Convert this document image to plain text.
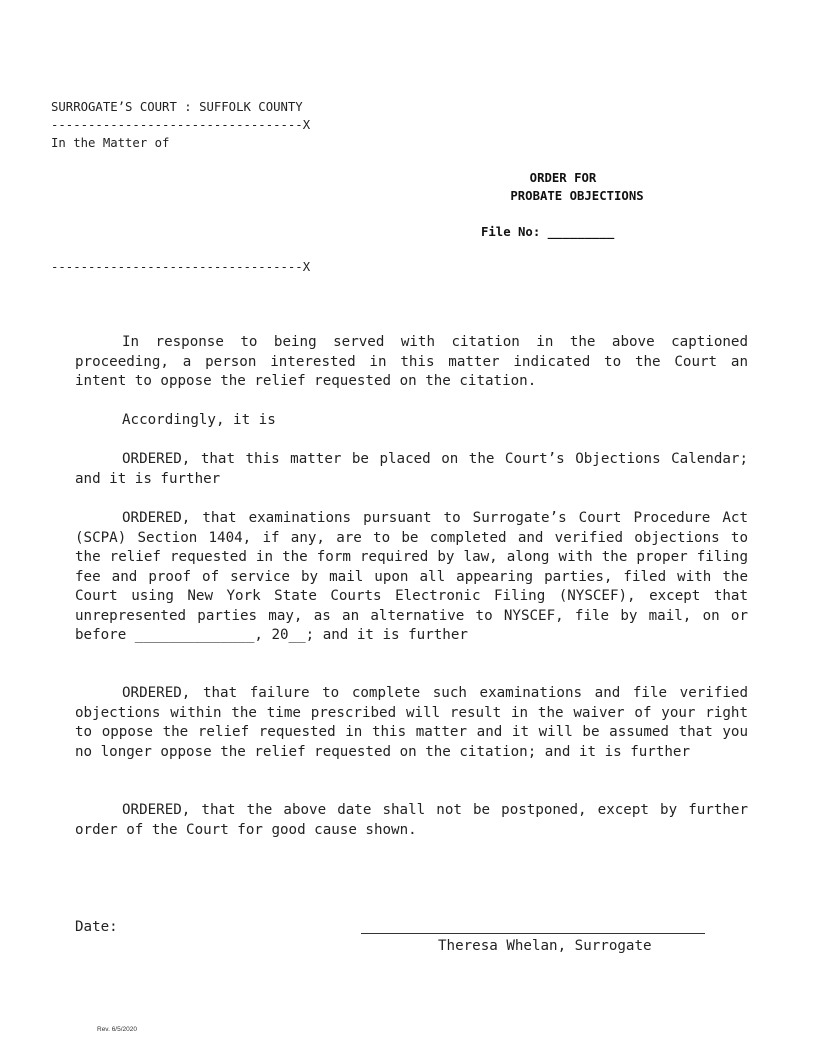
SURROGATE’S COURT : SUFFOLK COUNTY
----------------------------------X
In the Matter of
----------------------------------X
ORDER FOR
PROBATE OBJECTIONS
File No: _________

In response to being served with citation in the above captioned proceeding, a person interested in this matter indicated to the Court an intent to oppose the relief requested on the citation.

Accordingly, it is

ORDERED, that this matter be placed on the Court’s Objections Calendar; and it is further

ORDERED, that examinations pursuant to Surrogate’s Court Procedure Act (SCPA) Section 1404, if any, are to be completed and verified objections to the relief requested in the form required by law, along with the proper filing fee and proof of service by mail upon all appearing parties, filed with the Court using New York State Courts Electronic Filing (NYSCEF), except that unrepresented parties may, as an alternative to NYSCEF, file by mail, on or before ______________, 20__; and it is further

ORDERED, that failure to complete such examinations and file verified objections within the time prescribed will result in the waiver of your right to oppose the relief requested in this matter and it will be assumed that you no longer oppose the relief requested on the citation; and it is further

ORDERED, that the above date shall not be postponed, except by further order of the Court for good cause shown.

Date:
Theresa Whelan, Surrogate
Rev. 6/5/2020
